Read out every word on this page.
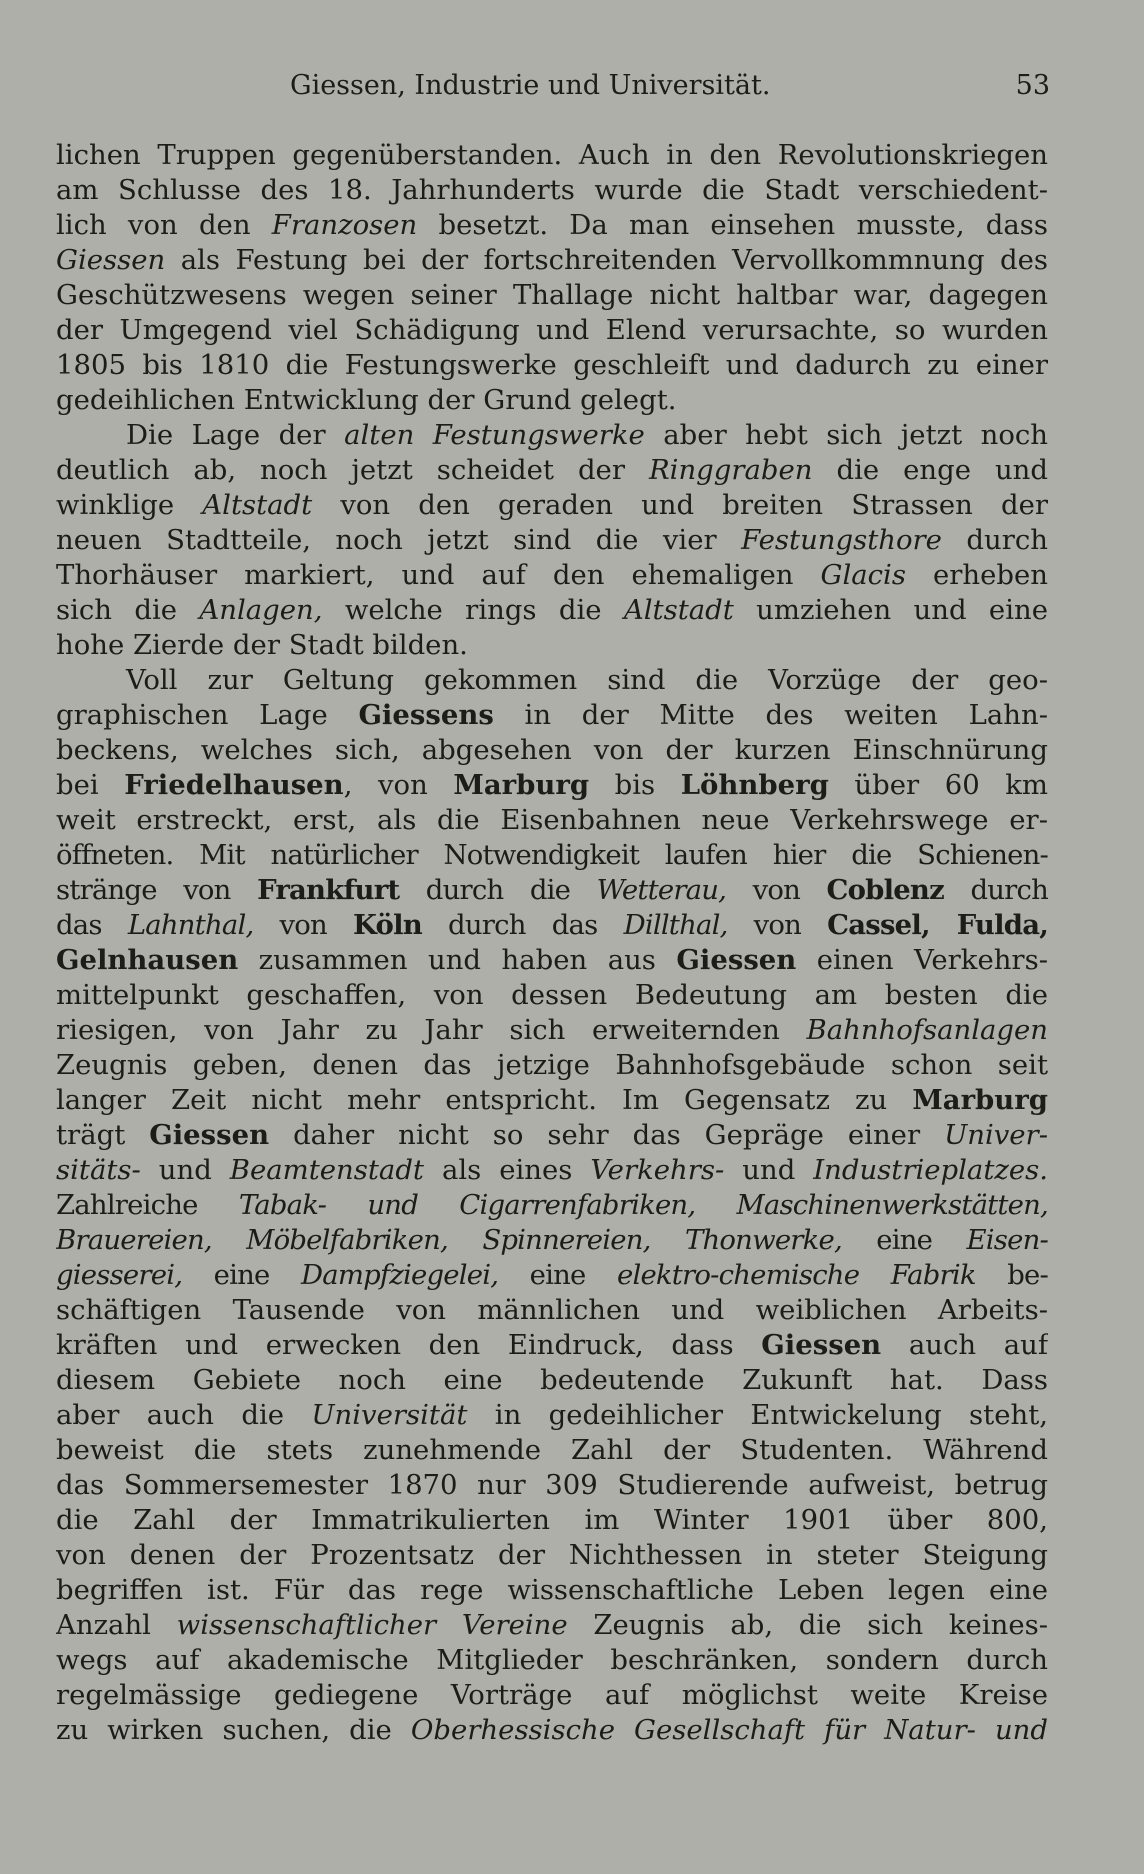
Giessen, Industrie und Universität.	53
lichen Truppen gegenüberstanden. Auch in den Revolutionskriegen
am Schlusse des 18. Jahrhunderts wurde die Stadt verschiedent-
lich von den Franzosen besetzt. Da man einsehen musste, dass
Giessen als Festung bei der fortschreitenden Vervollkommnung des
Geschützwesens wegen seiner Thallage nicht haltbar war, dagegen
der Umgegend viel Schädigung und Elend verursachte, so wurden
1805 bis 1810 die Festungswerke geschleift und dadurch zu einer
gedeihlichen Entwicklung der Grund gelegt.
Die Lage der alten Festungswerke aber hebt sich jetzt noch
deutlich ab, noch jetzt scheidet der Ringgraben die enge und
winklige Altstadt von den geraden und breiten Strassen der
neuen Stadtteile, noch jetzt sind die vier Festungsthore durch
Thorhäuser markiert, und auf den ehemaligen Glacis erheben
sich die Anlagen, welche rings die Altstadt umziehen und eine
hohe Zierde der Stadt bilden.
Voll zur Geltung gekommen sind die Vorzüge der geo-
graphischen Lage Giessens in der Mitte des weiten Lahn-
beckens, welches sich, abgesehen von der kurzen Einschnürung
bei Friedelhausen, von Marburg bis Löhnberg über 60 km
weit erstreckt, erst, als die Eisenbahnen neue Verkehrswege er-
öffneten. Mit natürlicher Notwendigkeit laufen hier die Schienen-
stränge von Frankfurt durch die Wetterau, von Coblenz durch
das Lahnthal, von Köln durch das Dillthal, von Cassel, Fulda,
Gelnhausen zusammen und haben aus Giessen einen Verkehrs-
mittelpunkt geschaffen, von dessen Bedeutung am besten die
riesigen, von Jahr zu Jahr sich erweiternden Bahnhofsanlagen
Zeugnis geben, denen das jetzige Bahnhofsgebäude schon seit
langer Zeit nicht mehr entspricht. Im Gegensatz zu Marburg
trägt Giessen daher nicht so sehr das Gepräge einer Univer-
sitäts- und Beamtenstadt als eines Verkehrs- und Industrieplatzes.
Zahlreiche Tabak- und Cigarrenfabriken, Maschinenwerkstätten,
Brauereien, Möbelfabriken, Spinnereien, Thonwerke, eine Eisen-
giesserei, eine Dampfziegelei, eine elektro-chemische Fabrik be-
schäftigen Tausende von männlichen und weiblichen Arbeits-
kräften und erwecken den Eindruck, dass Giessen auch auf
diesem Gebiete noch eine bedeutende Zukunft hat. Dass
aber auch die Universität in gedeihlicher Entwickelung steht,
beweist die stets zunehmende Zahl der Studenten. Während
das Sommersemester 1870 nur 309 Studierende aufweist, betrug
die Zahl der Immatrikulierten im Winter 1901 über 800,
von denen der Prozentsatz der Nichthessen in steter Steigung
begriffen ist. Für das rege wissenschaftliche Leben legen eine
Anzahl wissenschaftlicher Vereine Zeugnis ab, die sich keines-
wegs auf akademische Mitglieder beschränken, sondern durch
regelmässige gediegene Vorträge auf möglichst weite Kreise
zu wirken suchen, die Oberhessische Gesellschaft für Natur- und
